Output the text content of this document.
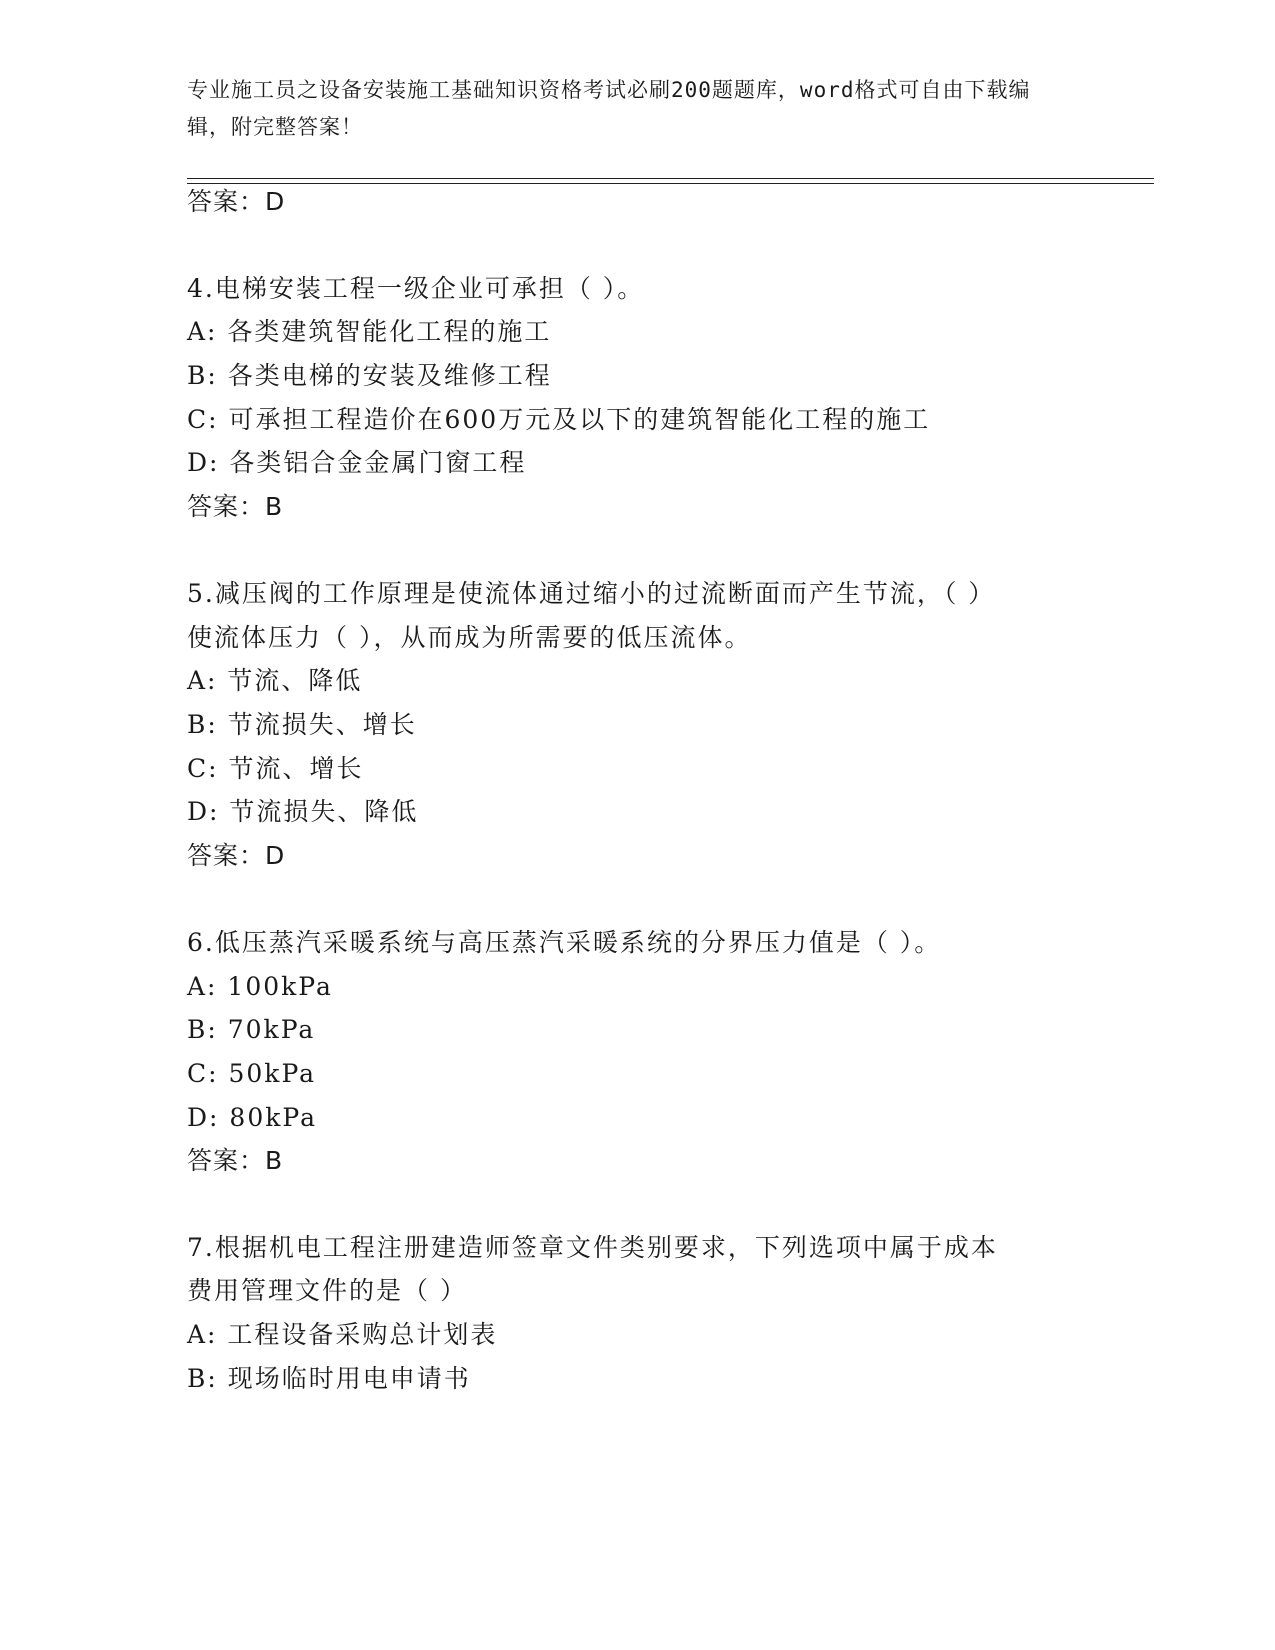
专业施工员之设备安装施工基础知识资格考试必刷200题题库，word格式可自由下载编辑，附完整答案！
答案：D
4.电梯安装工程一级企业可承担（ ）。
A: 各类建筑智能化工程的施工
B: 各类电梯的安装及维修工程
C: 可承担工程造价在600万元及以下的建筑智能化工程的施工
D: 各类铝合金金属门窗工程
答案：B
5.减压阀的工作原理是使流体通过缩小的过流断面而产生节流，（ ）
使流体压力（ ），从而成为所需要的低压流体。
A: 节流、降低
B: 节流损失、增长
C: 节流、增长
D: 节流损失、降低
答案：D
6.低压蒸汽采暖系统与高压蒸汽采暖系统的分界压力值是（ ）。
A: 100kPa
B: 70kPa
C: 50kPa
D: 80kPa
答案：B
7.根据机电工程注册建造师签章文件类别要求，下列选项中属于成本
费用管理文件的是（ ）
A: 工程设备采购总计划表
B: 现场临时用电申请书
